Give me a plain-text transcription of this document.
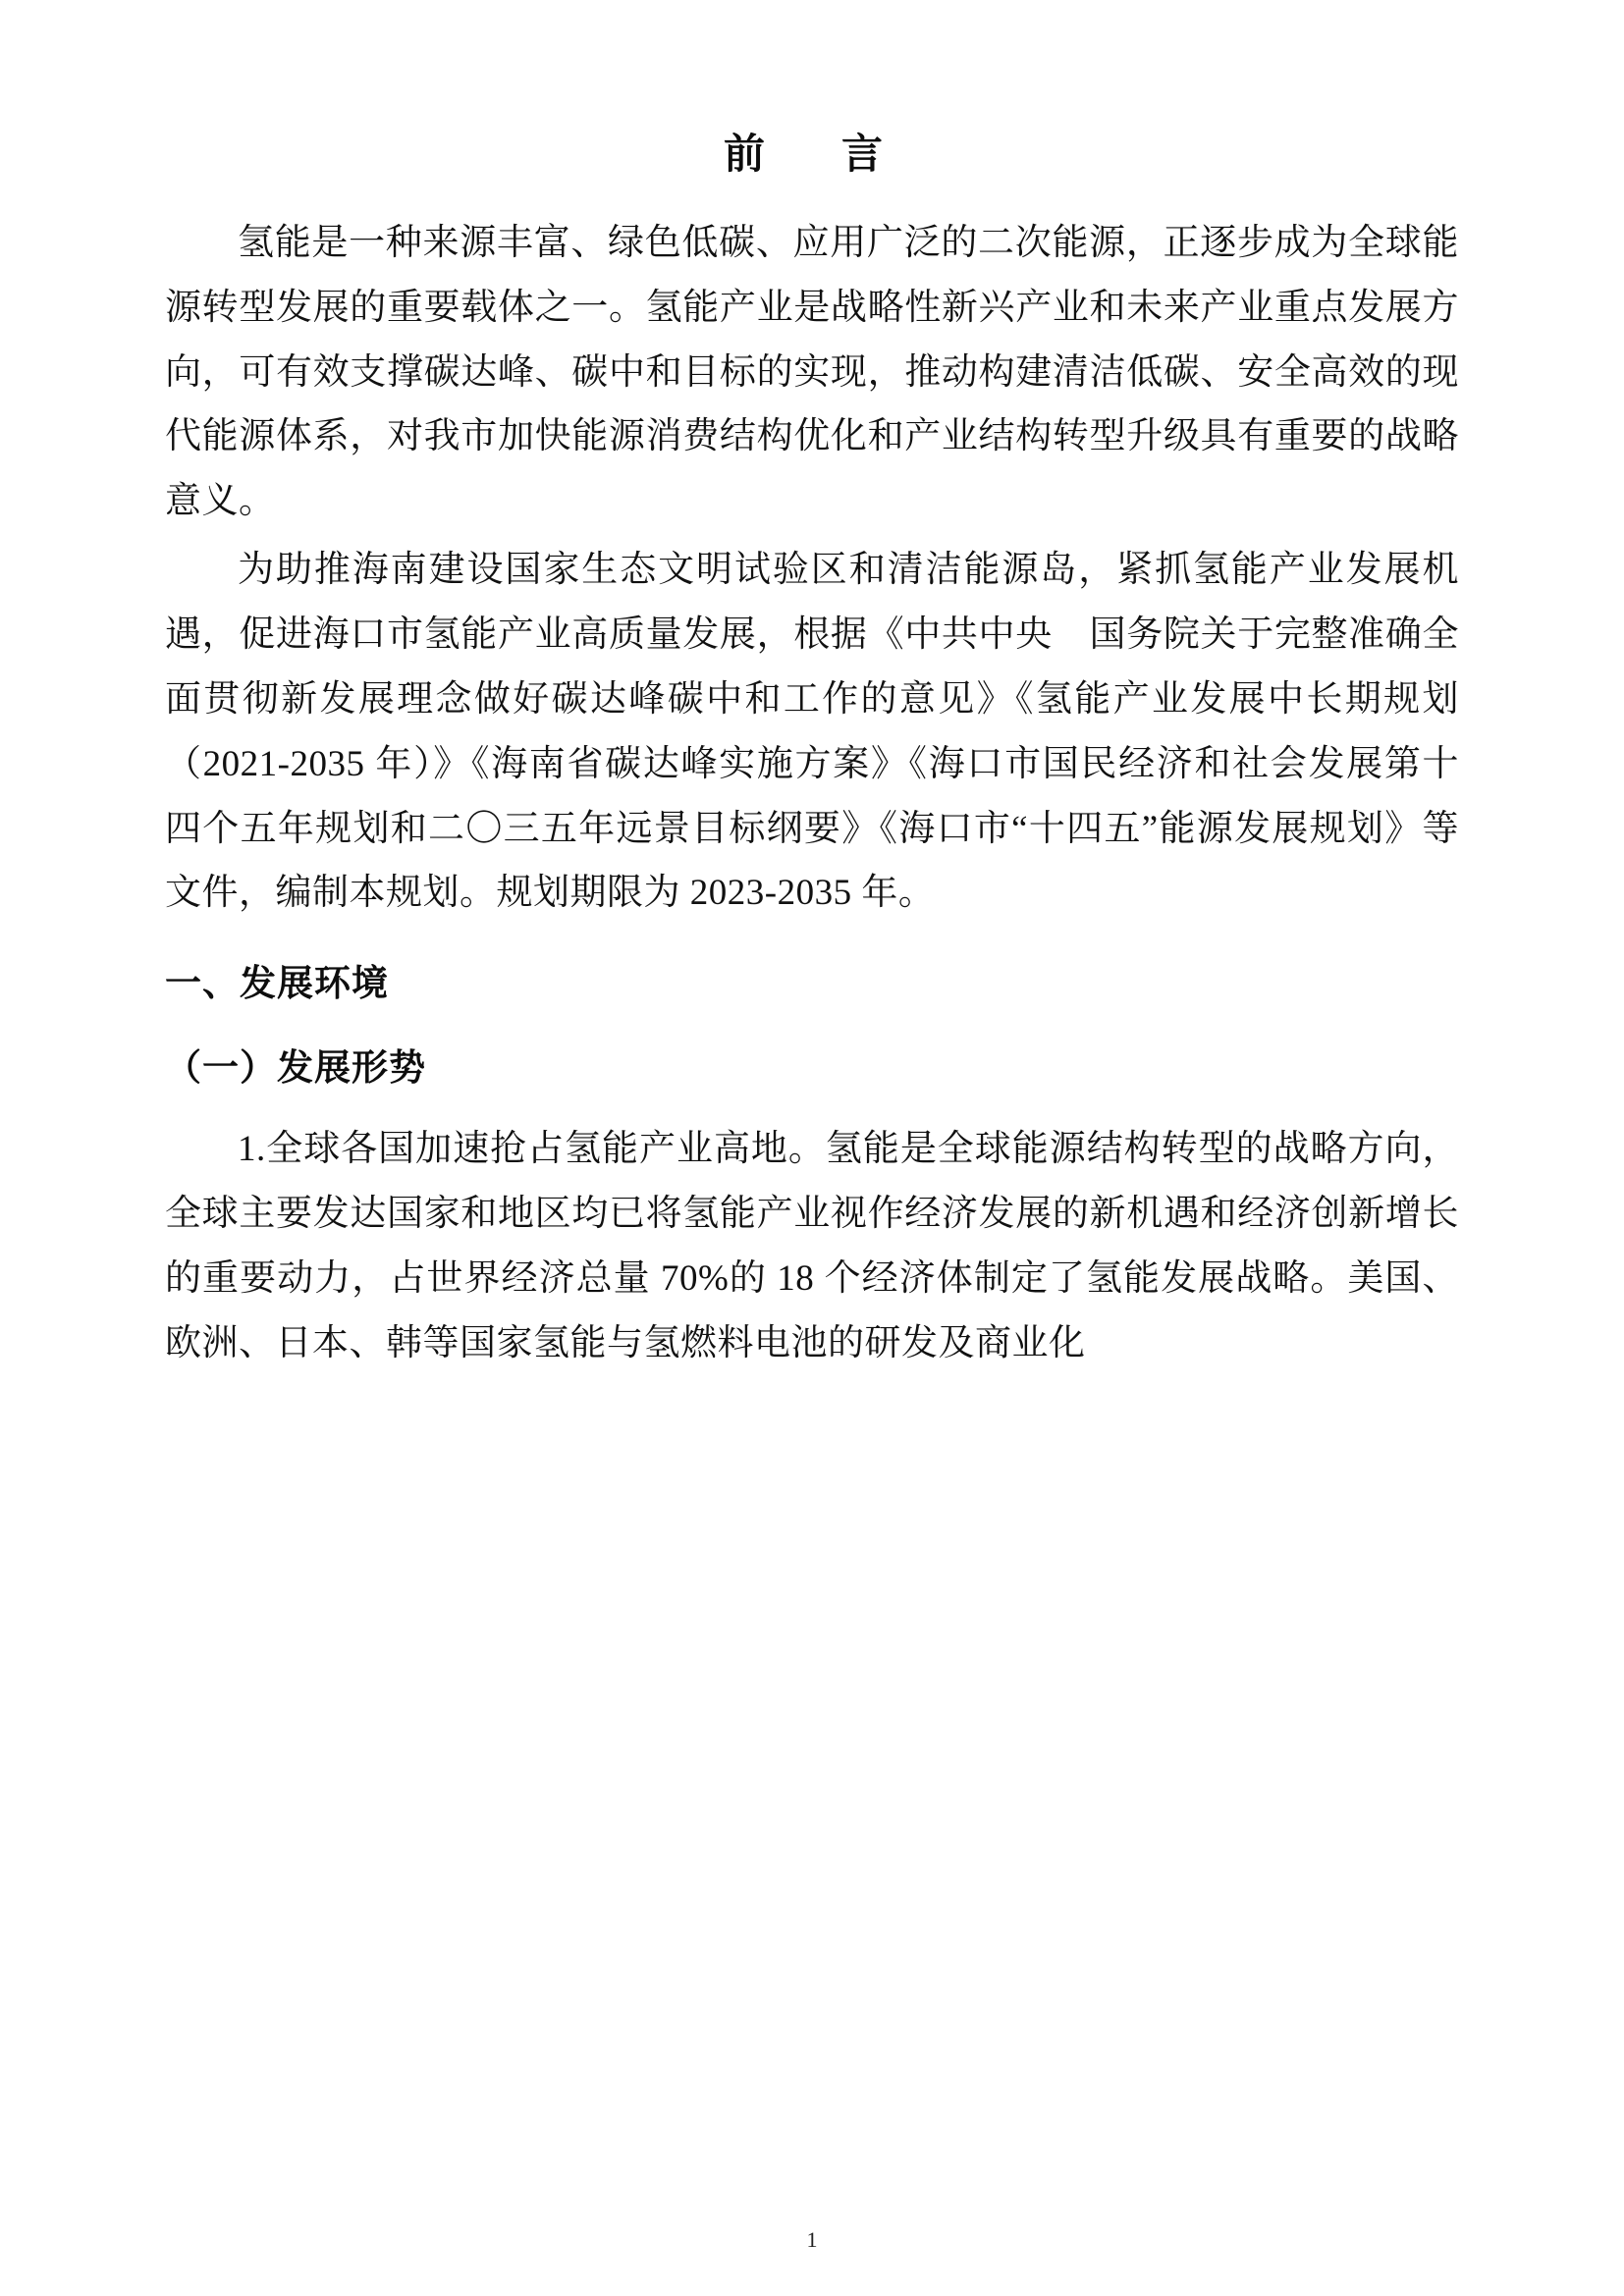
前　言

氢能是一种来源丰富、绿色低碳、应用广泛的二次能源，正逐步成为全球能源转型发展的重要载体之一。氢能产业是战略性新兴产业和未来产业重点发展方向，可有效支撑碳达峰、碳中和目标的实现，推动构建清洁低碳、安全高效的现代能源体系，对我市加快能源消费结构优化和产业结构转型升级具有重要的战略意义。

为助推海南建设国家生态文明试验区和清洁能源岛，紧抓氢能产业发展机遇，促进海口市氢能产业高质量发展，根据《中共中央　国务院关于完整准确全面贯彻新发展理念做好碳达峰碳中和工作的意见》《氢能产业发展中长期规划（2021-2035 年）》《海南省碳达峰实施方案》《海口市国民经济和社会发展第十四个五年规划和二〇三五年远景目标纲要》《海口市“十四五”能源发展规划》等文件，编制本规划。规划期限为 2023-2035 年。

一、发展环境
（一）发展形势

1.全球各国加速抢占氢能产业高地。氢能是全球能源结构转型的战略方向，全球主要发达国家和地区均已将氢能产业视作经济发展的新机遇和经济创新增长的重要动力，占世界经济总量 70%的 18 个经济体制定了氢能发展战略。美国、欧洲、日本、韩等国家氢能与氢燃料电池的研发及商业化

1
